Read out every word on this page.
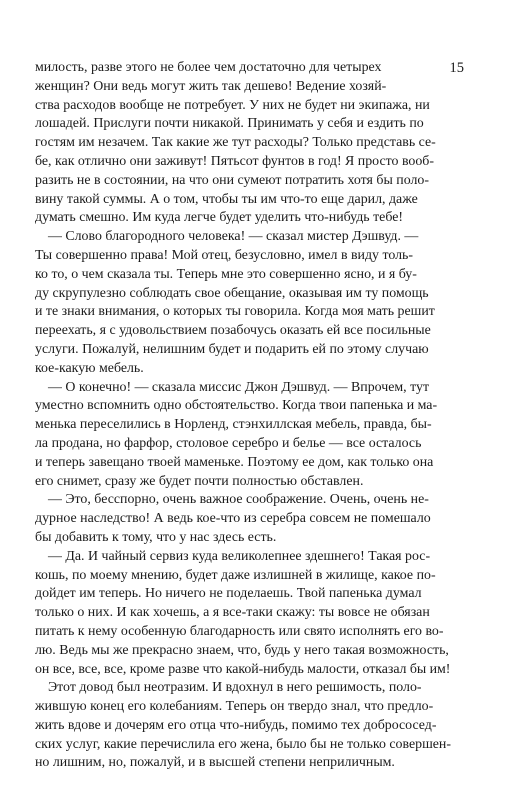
15
милость, разве этого не более чем достаточно для четырех
женщин? Они ведь могут жить так дешево! Ведение хозяй-
ства расходов вообще не потребует. У них не будет ни экипажа, ни
лошадей. Прислуги почти никакой. Принимать у себя и ездить по
гостям им незачем. Так какие же тут расходы? Только представь се-
бе, как отлично они заживут! Пятьсот фунтов в год! Я просто вооб-
разить не в состоянии, на что они сумеют потратить хотя бы поло-
вину такой суммы. А о том, чтобы ты им что-то еще дарил, даже
думать смешно. Им куда легче будет уделить что-нибудь тебе!
— Слово благородного человека! — сказал мистер Дэшвуд. —
Ты совершенно права! Мой отец, безусловно, имел в виду толь-
ко то, о чем сказала ты. Теперь мне это совершенно ясно, и я бу-
ду скрупулезно соблюдать свое обещание, оказывая им ту помощь
и те знаки внимания, о которых ты говорила. Когда моя мать решит
переехать, я с удовольствием позабочусь оказать ей все посильные
услуги. Пожалуй, нелишним будет и подарить ей по этому случаю
кое-какую мебель.
— О конечно! — сказала миссис Джон Дэшвуд. — Впрочем, тут
уместно вспомнить одно обстоятельство. Когда твои папенька и ма-
менька переселились в Норленд, стэнхиллская мебель, правда, бы-
ла продана, но фарфор, столовое серебро и белье — все осталось
и теперь завещано твоей маменьке. Поэтому ее дом, как только она
его снимет, сразу же будет почти полностью обставлен.
— Это, бесспорно, очень важное соображение. Очень, очень не-
дурное наследство! А ведь кое-что из серебра совсем не помешало
бы добавить к тому, что у нас здесь есть.
— Да. И чайный сервиз куда великолепнее здешнего! Такая рос-
кошь, по моему мнению, будет даже излишней в жилище, какое по-
дойдет им теперь. Но ничего не поделаешь. Твой папенька думал
только о них. И как хочешь, а я все-таки скажу: ты вовсе не обязан
питать к нему особенную благодарность или свято исполнять его во-
лю. Ведь мы же прекрасно знаем, что, будь у него такая возможность,
он все, все, все, кроме разве что какой-нибудь малости, отказал бы им!
Этот довод был неотразим. И вдохнул в него решимость, поло-
жившую конец его колебаниям. Теперь он твердо знал, что предло-
жить вдове и дочерям его отца что-нибудь, помимо тех добрососед-
ских услуг, какие перечислила его жена, было бы не только совершен-
но лишним, но, пожалуй, и в высшей степени неприличным.
